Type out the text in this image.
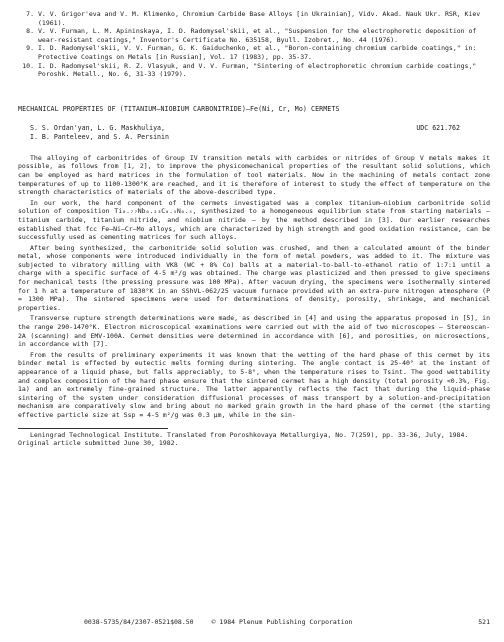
7. V. V. Grigor'eva and V. M. Klimenko, Chromium Carbide Base Alloys [in Ukrainian], Vidv. Akad. Nauk Ukr. RSR, Kiev (1961).
8. V. V. Furman, L. M. Apininskaya, I. D. Radomysel'skii, et al., "Suspension for the electrophoretic deposition of wear-resistant coatings," Inventor's Certificate No. 635158, Byull. Izobret., No. 44 (1976).
9. I. D. Radomysel'skii, V. V. Furman, G. K. Gaiduchenko, et al., "Boron-containing chromium carbide coatings," in: Protective Coatings on Metals [in Russian], Vol. 17 (1983), pp. 35-37.
10. I. D. Radomysel'skii, R. Z. Vlasyuk, and V. V. Furman, "Sintering of electrophoretic chromium carbide coatings," Poroshk. Metall., No. 6, 31-33 (1979).
MECHANICAL PROPERTIES OF (TITANIUM—NIOBIUM CARBONITRIDE)—Fe(Ni, Cr, Mo) CERMETS
S. S. Ordan'yan, L. G. Maskhuliya,
I. B. Panteleev, and S. A. Persinin
UDC 621.762

The alloying of carbonitrides of Group IV transition metals with carbides or nitrides of Group V metals makes it possible, as follows from [1, 2], to improve the physicomechanical properties of the resultant solid solutions, which can be employed as hard matrices in the formulation of tool materials. Now in the machining of metals contact zone temperatures of up to 1100-1300°K are reached, and it is therefore of interest to study the effect of temperature on the strength characteristics of materials of the above-described type.

In our work, the hard component of the cermets investigated was a complex titanium—niobium carbonitride solid solution of composition Ti₀.₇₇Nb₀.₂₃C₀.₅N₀.₅, synthesized to a homogeneous equilibrium state from starting materials — titanium carbide, titanium nitride, and niobium nitride — by the method described in [3]. Our earlier researches established that fcc Fe—Ni—Cr—Mo alloys, which are characterized by high strength and good oxidation resistance, can be successfully used as cementing matrices for such alloys.

After being synthesized, the carbonitride solid solution was crushed, and then a calculated amount of the binder metal, whose components were introduced individually in the form of metal powders, was added to it. The mixture was subjected to vibratory milling with VK8 (WC + 8% Co) balls at a material-to-ball-to-ethanol ratio of 1:7:1 until a charge with a specific surface of 4-5 m²/g was obtained. The charge was plasticized and then pressed to give specimens for mechanical tests (the pressing pressure was 100 MPa). After vacuum drying, the specimens were isothermally sintered for 1 h at a temperature of 1830°K in an SShVL-062/25 vacuum furnace provided with an extra-pure nitrogen atmosphere (P = 1300 MPa). The sintered specimens were used for determinations of density, porosity, shrinkage, and mechanical properties.

Transverse rupture strength determinations were made, as described in [4] and using the apparatus proposed in [5], in the range 290-1470°K. Electron microscopical examinations were carried out with the aid of two microscopes — Stereoscan-2A (scanning) and EMV-100A. Cermet densities were determined in accordance with [6], and porosities, on microsections, in accordance with [7].

From the results of preliminary experiments it was known that the wetting of the hard phase of this cermet by its binder metal is effected by eutectic melts forming during sintering. The angle contact is 25-40° at the instant of appearance of a liquid phase, but falls appreciably, to 5-8°, when the temperature rises to Tsint. The good wettability and complex composition of the hard phase ensure that the sintered cermet has a high density (total porosity <0.3%, Fig. 1a) and an extremely fine-grained structure. The latter apparently reflects the fact that during the liquid-phase sintering of the system under consideration diffusional processes of mass transport by a solution-and-precipitation mechanism are comparatively slow and bring about no marked grain growth in the hard phase of the cermet (the starting effective particle size at Ssp = 4-5 m²/g was 0.3 μm, while in the sin-

Leningrad Technological Institute. Translated from Poroshkovaya Metallurgiya, No. 7(259), pp. 33-36, July, 1984. Original article submitted June 30, 1982.
0038-5735/84/2307-0521$08.50	© 1984 Plenum Publishing Corporation	521
